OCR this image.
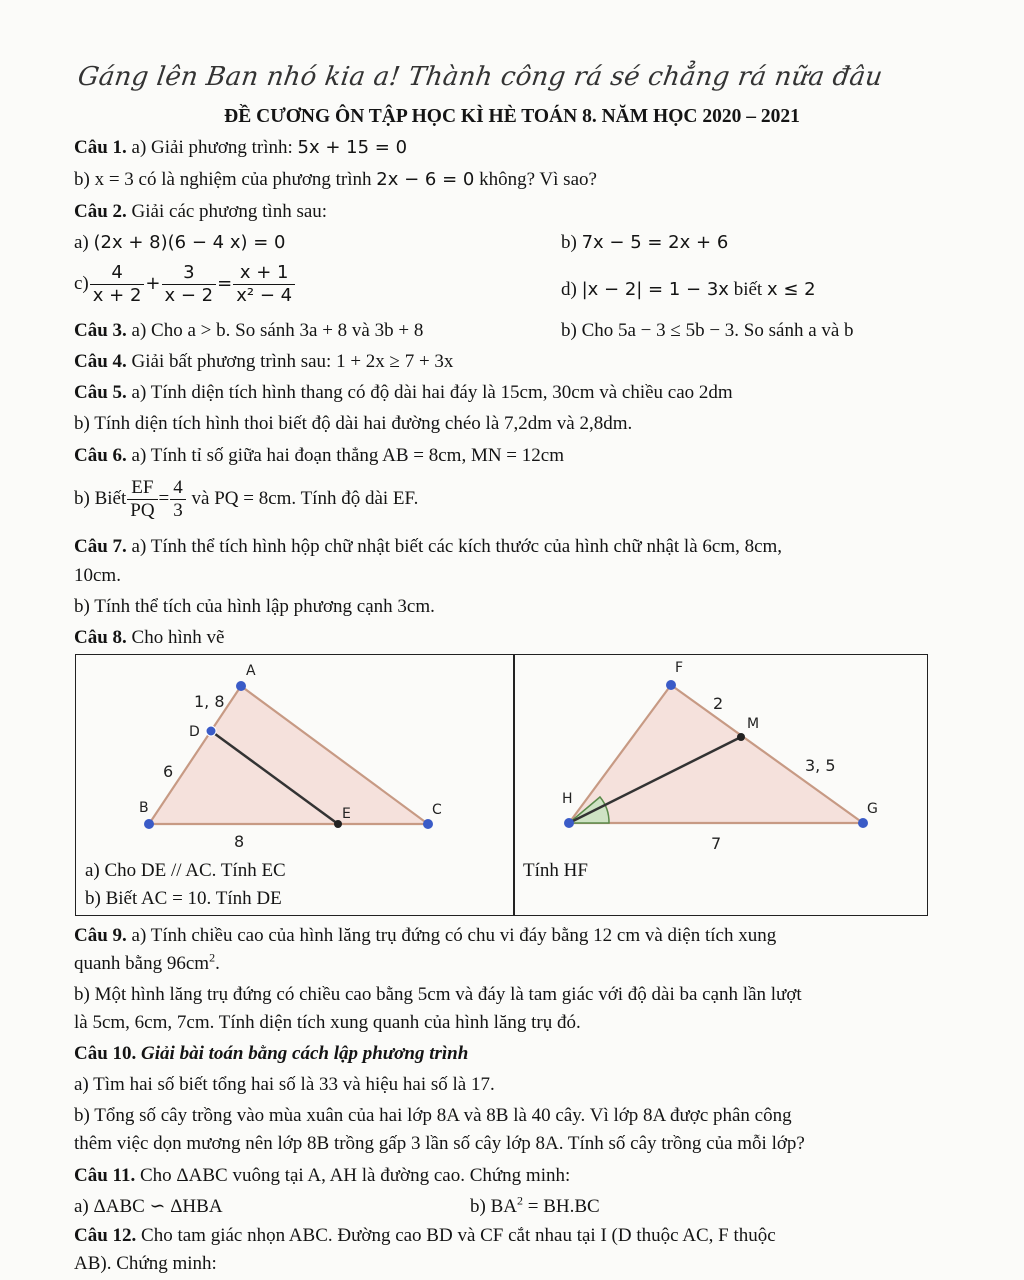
Gáng lên Ban nhó kia a! Thành công rá sé chẳng rá nữa đâu
ĐỀ CƯƠNG ÔN TẬP HỌC KÌ HÈ TOÁN 8. NĂM HỌC 2020 – 2021
Câu 1. a) Giải phương trình: 5x + 15 = 0
b) x = 3 có là nghiệm của phương trình 2x − 6 = 0 không? Vì sao?
Câu 2. Giải các phương tình sau:
a) (2x + 8)(6 − 4 x) = 0	b) 7x − 5 = 2x + 6
$c) \frac{4}{x + 2} + \frac{3}{x - 2} = \frac{x + 1}{\text{x² − 4}}$	d) |x − 2| = 1 − 3x biết x ≤ 2
Câu 3. a) Cho a > b. So sánh 3a + 8 và 3b + 8	b) Cho 5a − 3 ≤ 5b − 3. So sánh a và b
Câu 4. Giải bất phương trình sau: 1 + 2x ≥ 7 + 3x
Câu 5. a) Tính diện tích hình thang có độ dài hai đáy là 15cm, 30cm và chiều cao 2dm
b) Tính diện tích hình thoi biết độ dài hai đường chéo là 7,2dm và 2,8dm.
Câu 6. a) Tính tỉ số giữa hai đoạn thẳng AB = 8cm, MN = 12cm
b) Biết $\frac{EF}{PQ} = \frac{4}{3}$ và PQ = 8cm. Tính độ dài EF.
Câu 7. a) Tính thể tích hình hộp chữ nhật biết các kích thước của hình chữ nhật là 6cm, 8cm,
10cm.
b) Tính thể tích của hình lập phương cạnh 3cm.
Câu 8. Cho hình vẽ
A
D
B	E	C
1, 8
6
8
a) Cho DE // AC. Tính EC
b) Biết AC = 10. Tính DE
F
M
H
G
2
3, 5
7
Tính HF
Câu 9. a) Tính chiều cao của hình lăng trụ đứng có chu vi đáy bằng 12 cm và diện tích xung
quanh bằng $96cm^2$.
b) Một hình lăng trụ đứng có chiều cao bằng 5cm và đáy là tam giác với độ dài ba cạnh lần lượt
là 5cm, 6cm, 7cm. Tính diện tích xung quanh của hình lăng trụ đó.
Câu 10. Giải bài toán bằng cách lập phương trình
a) Tìm hai số biết tổng hai số là 33 và hiệu hai số là 17.
b) Tổng số cây trồng vào mùa xuân của hai lớp 8A và 8B là 40 cây. Vì lớp 8A được phân công
thêm việc dọn mương nên lớp 8B trồng gấp 3 lần số cây lớp 8A. Tính số cây trồng của mỗi lớp?
Câu 11. Cho ΔABC vuông tại A, AH là đường cao. Chứng minh:
a) ΔABC ∽ ΔHBA	b) $BA^2 = BH.BC$
Câu 12. Cho tam giác nhọn ABC. Đường cao BD và CF cắt nhau tại I (D thuộc AC, F thuộc
AB). Chứng minh:
